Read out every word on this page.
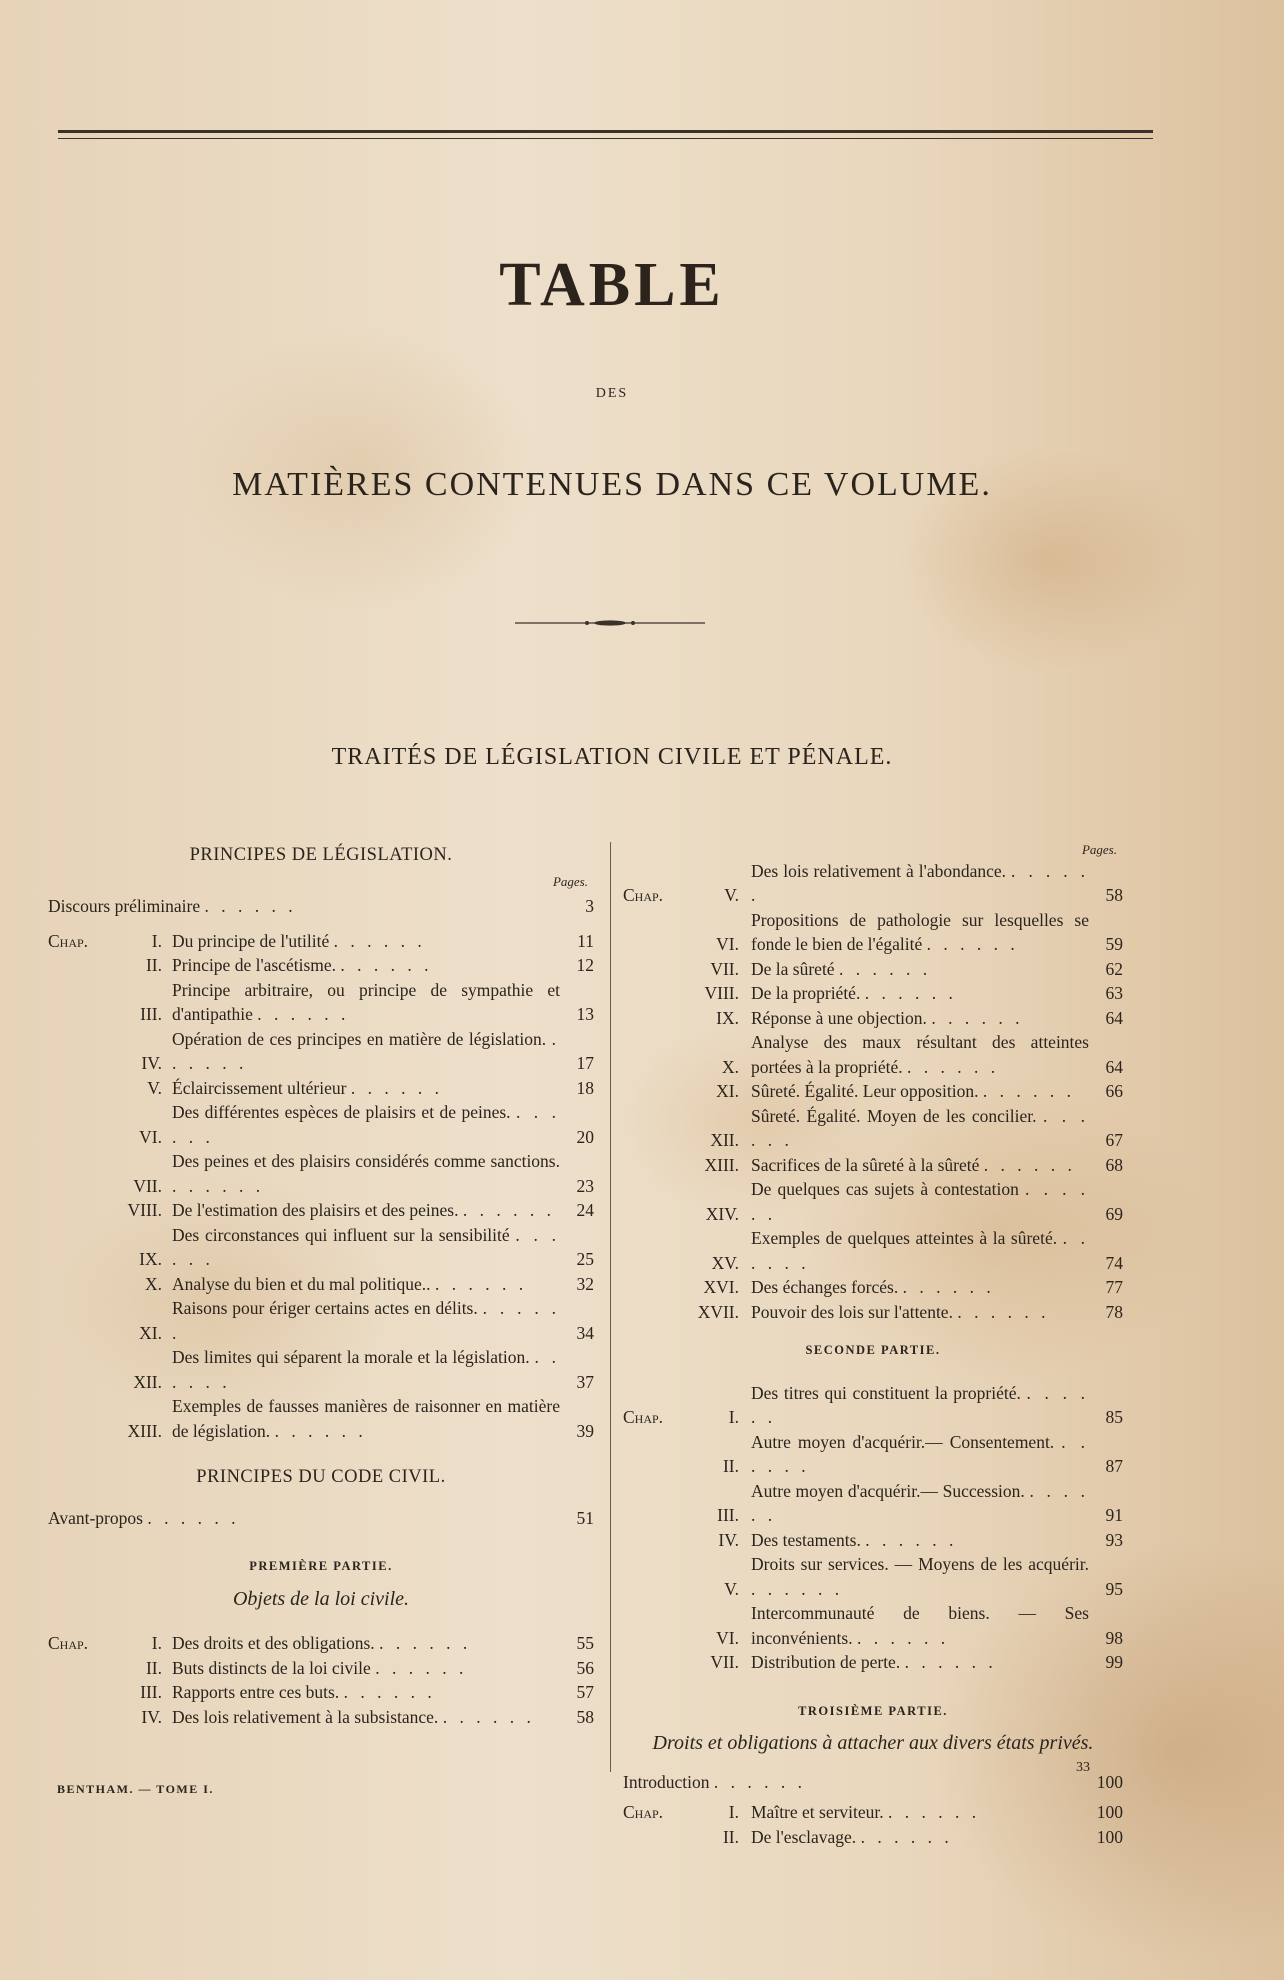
TABLE
DES
MATIÈRES CONTENUES DANS CE VOLUME.
TRAITÉS DE LÉGISLATION CIVILE ET PÉNALE.
PRINCIPES DE LÉGISLATION.
Pages.
Discours préliminaire . . . . . .	3
Chap.	I. Du principe de l'utilité . . . . . .	11
II. Principe de l'ascétisme. . . . . . .	12
III.
Principe arbitraire, ou principe de sympathie et d'antipathie . . . . . .	13
IV.
Opération de ces principes en matière de législation. . . . . . .	17
V. Éclaircissement ultérieur . . . . . .	18
VI.
Des différentes espèces de plaisirs et de peines. . . . . . .	20
VII.
Des peines et des plaisirs considérés comme sanctions. . . . . . .	23
VIII. De l'estimation des plaisirs et des peines. . . . . . .	24
IX.
Des circonstances qui influent sur la sensibilité . . . . . .	25
X. Analyse du bien et du mal politique.. . . . . . .	32
XI.
Raisons pour ériger certains actes en délits. . . . . . .	34
XII.
Des limites qui séparent la morale et la législation. . . . . . .	37
XIII.
Exemples de fausses manières de raisonner en matière de législation. . . . . . .	39
PRINCIPES DU CODE CIVIL.
Avant-propos . . . . . .	51
PREMIÈRE PARTIE.
Objets de la loi civile.
Chap.	I. Des droits et des obligations. . . . . . .	55
II. Buts distincts de la loi civile . . . . . .	56
III. Rapports entre ces buts. . . . . . .	57
IV. Des lois relativement à la subsistance. . . . . . .	58
Pages.
Chap.	V.
Des lois relativement à l'abondance. . . . . . .	58
VI.
Propositions de pathologie sur lesquelles se fonde le bien de l'égalité . . . . . .	59
VII. De la sûreté . . . . . .	62
VIII. De la propriété. . . . . . .	63
IX. Réponse à une objection. . . . . . .	64
X.
Analyse des maux résultant des atteintes portées à la propriété. . . . . . .	64
XI. Sûreté. Égalité. Leur opposition. . . . . . .	66
XII.
Sûreté. Égalité. Moyen de les concilier. . . . . . .	67
XIII. Sacrifices de la sûreté à la sûreté . . . . . .	68
XIV.
De quelques cas sujets à contestation . . . . . .	69
XV.
Exemples de quelques atteintes à la sûreté. . . . . . .	74
XVI. Des échanges forcés. . . . . . .	77
XVII. Pouvoir des lois sur l'attente. . . . . . .	78
SECONDE PARTIE.
Chap.	I.
Des titres qui constituent la propriété. . . . . . .	85
II.
Autre moyen d'acquérir.— Consentement. . . . . . .	87
III.
Autre moyen d'acquérir.— Succession. . . . . . .	91
IV. Des testaments. . . . . . .	93
V.
Droits sur services. — Moyens de les acquérir. . . . . . .	95
VI.
Intercommunauté de biens. — Ses inconvénients. . . . . . .	98
VII. Distribution de perte. . . . . . .	99
TROISIÈME PARTIE.
Droits et obligations à attacher aux divers états privés.
Introduction . . . . . .	100
Chap.	I. Maître et serviteur. . . . . . .	100
II. De l'esclavage. . . . . . .	100
BENTHAM. — TOME I.
33
